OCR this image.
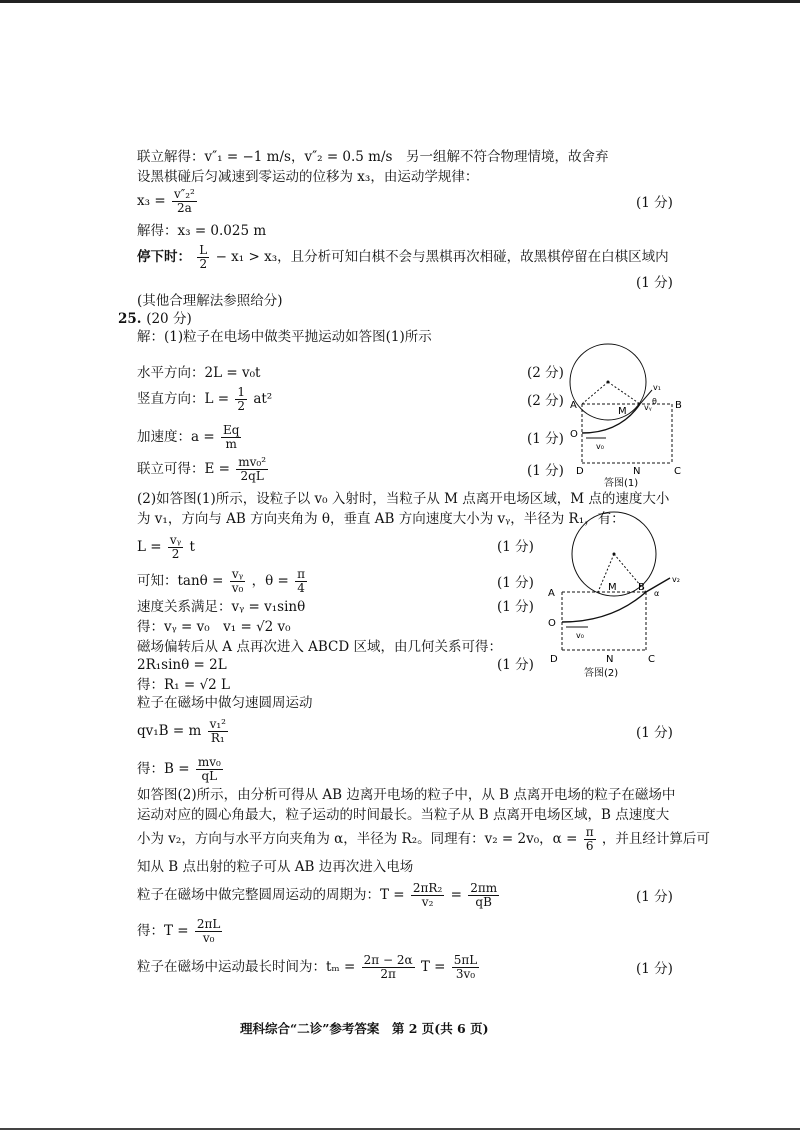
联立解得：v″₁ = −1 m/s，v″₂ = 0.5 m/s　另一组解不符合物理情境，故舍弃
设黑棋碰后匀减速到零运动的位移为 x₃，由运动学规律：
$x_3 = \frac{\text{v″₂²}}{2a}$	(1 分)
解得：x₃ = 0.025 m
停下时： $\frac{L}{2} - x_1 > x_3$，且分析可知白棋不会与黑棋再次相碰，故黑棋停留在白棋区域内
(1 分)
(其他合理解法参照给分)
25. (20 分)
解：(1)粒子在电场中做类平抛运动如答图(1)所示
水平方向：2L = v₀t	(2 分)
竖直方向：$L = \frac{1}{2} at^2$	(2 分)
加速度：$a = \frac{Eq}{m}$	(1 分)
联立可得：$E = \frac{\text{mv₀²}}{2qL}$	(1 分)
(2)如答图(1)所示，设粒子以 v₀ 入射时，当粒子从 M 点离开电场区域，M 点的速度大小
为 v₁，方向与 AB 方向夹角为 θ，垂直 AB 方向速度大小为 vᵧ，半径为 R₁，有：
$L = \frac{\text{vᵧ}}{2}$ t	(1 分)
可知：$\tan\theta = \frac{\text{vᵧ}}{\text{v₀}}$ ，$\theta = \frac{\pi}{4}$	(1 分)
速度关系满足：vᵧ = v₁sinθ	(1 分)
得：vᵧ = v₀　v₁ = √2 v₀
磁场偏转后从 A 点再次进入 ABCD 区域，由几何关系可得：
2R₁sinθ = 2L	(1 分)
得：R₁ = √2 L
粒子在磁场中做匀速圆周运动
qv₁B = m $\frac{\text{v₁²}}{\text{R₁}}$	(1 分)
得：$B = \frac{\text{mv₀}}{qL}$
如答图(2)所示，由分析可得从 AB 边离开电场的粒子中，从 B 点离开电场的粒子在磁场中
运动对应的圆心角最大，粒子运动的时间最长。当粒子从 B 点离开电场区域，B 点速度大
小为 v₂，方向与水平方向夹角为 α，半径为 R₂。同理有：v₂ = 2v₀，$\alpha = \frac{\pi}{6}$ ，并且经计算后可
知从 B 点出射的粒子可从 AB 边再次进入电场
粒子在磁场中做完整圆周运动的周期为：$T = \frac{\text{2πR₂}}{\text{v₂}} = \frac{2\pi m}{qB}$	(1 分)
得：$T = \frac{2\pi L}{\text{v₀}}$
粒子在磁场中运动最长时间为：$t_m = \frac{2\pi - 2\alpha}{2\pi}$ $T = \frac{5\pi L}{\text{3v₀}}$	(1 分)
理科综合“二诊”参考答案　第 2 页(共 6 页)
A	B
O
D	N	C
M
v₀
v₁
vᵧ
θ
答图(1)
A
B
O
D	N	C
M
v₀
v₂
α
答图(2)
